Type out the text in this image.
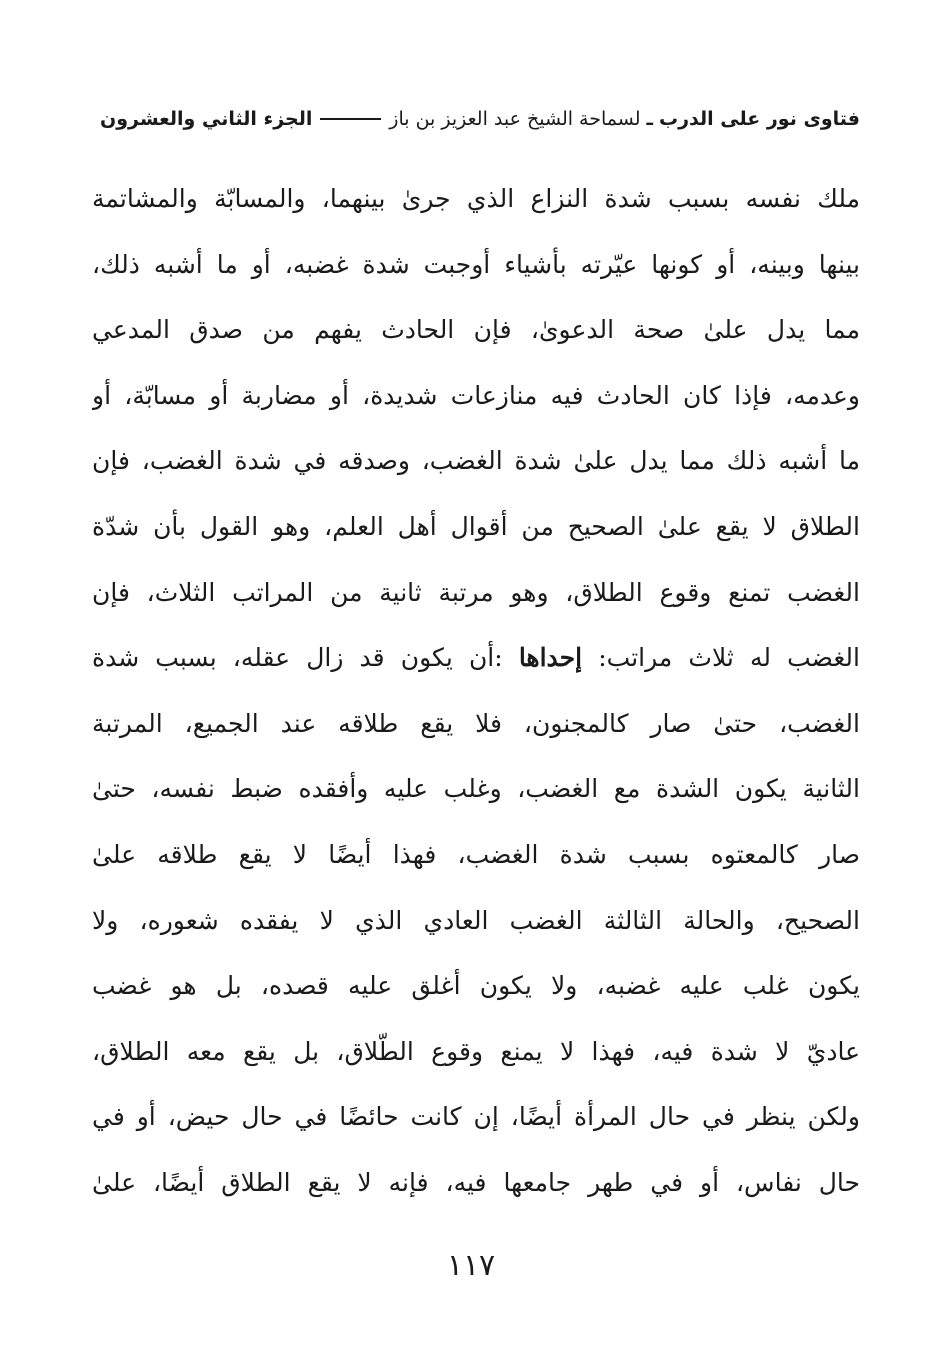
فتاوى نور على الدرب
ـ
لسماحة الشيخ عبد العزيز بن باز
الجزء الثاني والعشرون
ملك نفسه بسبب شدة النزاع الذي جرىٰ بينهما، والمسابّة والمشاتمة
بينها وبينه، أو كونها عيّرته بأشياء أوجبت شدة غضبه، أو ما أشبه ذلك،
مما يدل علىٰ صحة الدعوىٰ، فإن الحادث يفهم من صدق المدعي
وعدمه، فإذا كان الحادث فيه منازعات شديدة، أو مضاربة أو مسابّة، أو
ما أشبه ذلك مما يدل علىٰ شدة الغضب، وصدقه في شدة الغضب، فإن
الطلاق لا يقع علىٰ الصحيح من أقوال أهل العلم، وهو القول بأن شدّة
الغضب تمنع وقوع الطلاق، وهو مرتبة ثانية من المراتب الثلاث، فإن
الغضب له ثلاث مراتب: إحداها :أن يكون قد زال عقله، بسبب شدة
الغضب، حتىٰ صار كالمجنون، فلا يقع طلاقه عند الجميع، المرتبة
الثانية يكون الشدة مع الغضب، وغلب عليه وأفقده ضبط نفسه، حتىٰ
صار كالمعتوه بسبب شدة الغضب، فهذا أيضًا لا يقع طلاقه علىٰ
الصحيح، والحالة الثالثة الغضب العادي الذي لا يفقده شعوره، ولا
يكون غلب عليه غضبه، ولا يكون أغلق عليه قصده، بل هو غضب
عاديّ لا شدة فيه، فهذا لا يمنع وقوع الطّلاق، بل يقع معه الطلاق،
ولكن ينظر في حال المرأة أيضًا، إن كانت حائضًا في حال حيض، أو في
حال نفاس، أو في طهر جامعها فيه، فإنه لا يقع الطلاق أيضًا، علىٰ
١١٧
